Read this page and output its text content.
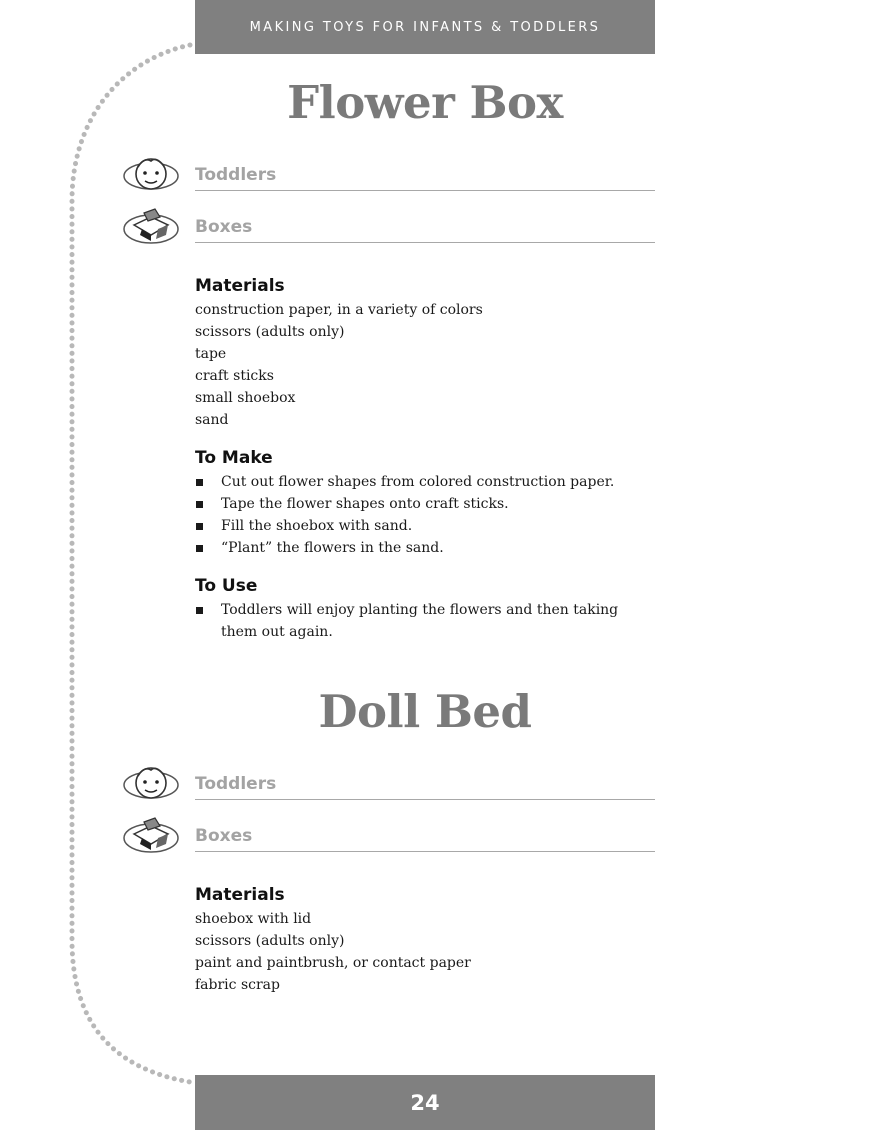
MAKING TOYS FOR INFANTS & TODDLERS
Flower Box
Toddlers
Boxes
Materials
construction paper, in a variety of colors
scissors (adults only)
tape
craft sticks
small shoebox
sand
To Make
Cut out flower shapes from colored construction paper.
Tape the flower shapes onto craft sticks.
Fill the shoebox with sand.
“Plant” the flowers in the sand.
To Use
Toddlers will enjoy planting the flowers and then taking them out again.
Doll Bed
Toddlers
Boxes
Materials
shoebox with lid
scissors (adults only)
paint and paintbrush, or contact paper
fabric scrap
24
